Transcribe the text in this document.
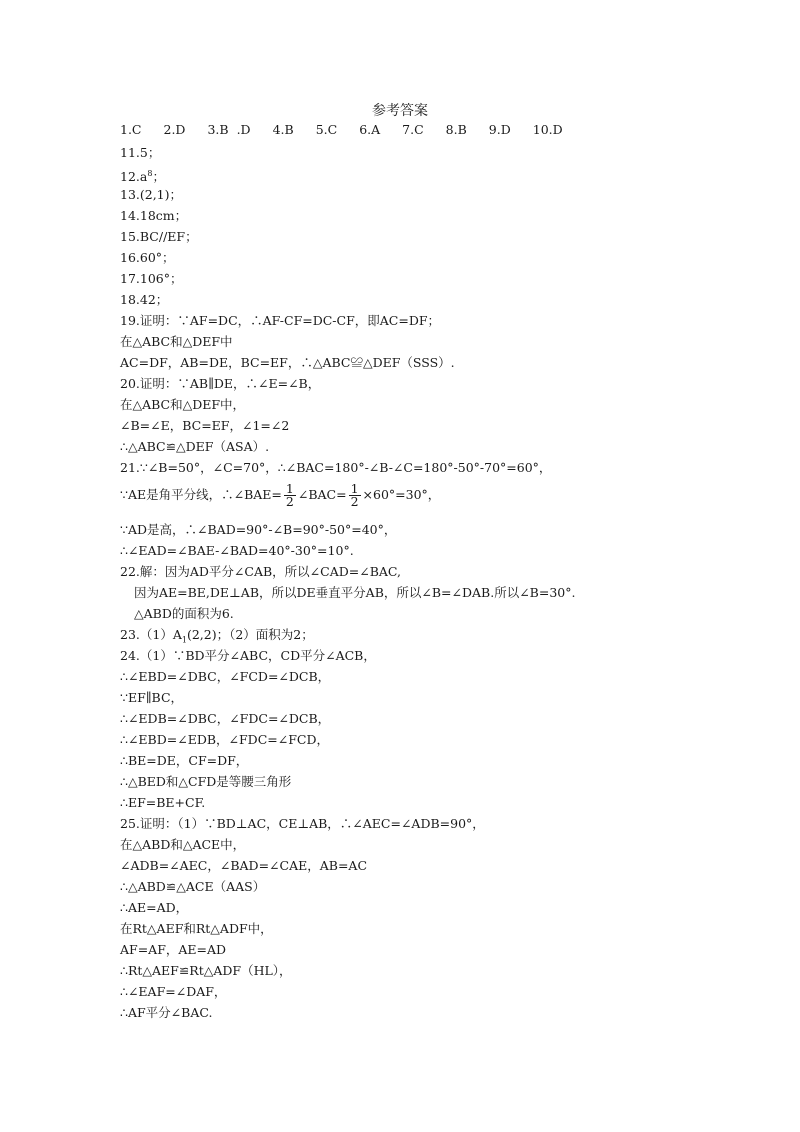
参考答案
1.C 2.D 3.B .D 4.B 5.C 6.A 7.C 8.B 9.D 10.D
11.5；
$12.a^8$；
13.(2,1)；
14.18cm；
15.BC//EF；
16.60°；
17.106°；
18.42；
19.证明：∵AF=DC，∴AF-CF=DC-CF，即AC=DF；
在△ABC和△DEF中
AC=DF，AB=DE，BC=EF，∴△ABC≌△DEF（SSS）.
20.证明：∵AB∥DE，∴∠E=∠B，
在△ABC和△DEF中，
∠B=∠E，BC=EF，∠1=∠2
∴△ABC≌△DEF（ASA）.
21.∵∠B=50°，∠C=70°，∴∠BAC=180°-∠B-∠C=180°-50°-70°=60°，
∵AE是角平分线，∴∠BAE= $\frac{1}{2}$ ∠BAC= $\frac{1}{2} \times 60^\circ=30^\circ$，
∵AD是高，∴∠BAD=90°-∠B=90°-50°=40°，
∴∠EAD=∠BAE-∠BAD=40°-30°=10°.
22.解：因为AD平分∠CAB，所以∠CAD=∠BAC,
因为AE=BE,DE⊥AB，所以DE垂直平分AB，所以∠B=∠DAB.所以∠B=30°.
△ABD的面积为6.
$23.(1)A_1(2,2)$；（2）面积为2；
24.（1）∵BD平分∠ABC，CD平分∠ACB，
∴∠EBD=∠DBC，∠FCD=∠DCB，
∵EF∥BC，
∴∠EDB=∠DBC，∠FDC=∠DCB，
∴∠EBD=∠EDB，∠FDC=∠FCD，
∴BE=DE，CF=DF，
∴△BED和△CFD是等腰三角形
∴EF=BE+CF.
25.证明：（1）∵BD⊥AC，CE⊥AB，∴∠AEC=∠ADB=90°，
在△ABD和△ACE中，
∠ADB=∠AEC，∠BAD=∠CAE，AB=AC
∴△ABD≌△ACE（AAS）
∴AE=AD，
在Rt△AEF和Rt△ADF中，
AF=AF，AE=AD
∴Rt△AEF≌Rt△ADF（HL），
∴∠EAF=∠DAF，
∴AF平分∠BAC.
